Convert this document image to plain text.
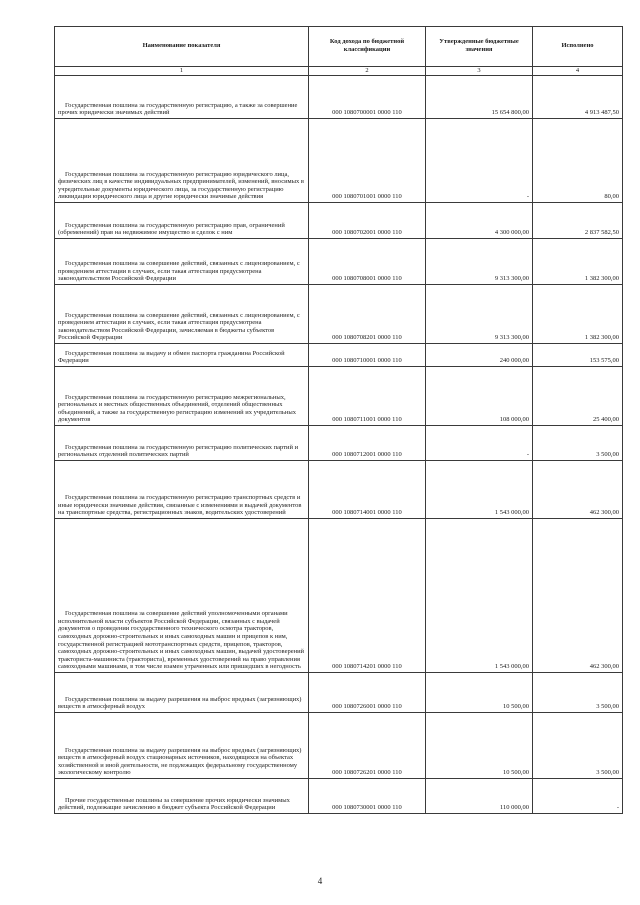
Наименование показателя	Код дохода по бюджетной классификации	Утвержденные бюджетные значения	Исполнено
1	2	3	4
Государственная пошлина за государственную регистрацию, а также за совершение прочих юридически значимых действий	000 1080700001 0000 110	15 654 800,00	4 913 487,50
Государственная пошлина за государственную регистрацию юридического лица, физических лиц в качестве индивидуальных предпринимателей, изменений, вносимых в учредительные документы юридического лица, за государственную регистрацию ликвидации юридического лица и другие юридически значимые действия	000 1080701001 0000 110	-	80,00
Государственная пошлина за государственную регистрацию прав, ограничений (обременений) прав на недвижимое имущество и сделок с ним	000 1080702001 0000 110	4 300 000,00	2 837 582,50
Государственная пошлина за совершение действий, связанных с лицензированием, с проведением аттестации в случаях, если такая аттестация предусмотрена законодательством Российской Федерации	000 1080708001 0000 110	9 313 300,00	1 382 300,00
Государственная пошлина за совершение действий, связанных с лицензированием, с проведением аттестации в случаях, если такая аттестация предусмотрена законодательством Российской Федерации, зачисляемая в бюджеты субъектов Российской Федерации	000 1080708201 0000 110	9 313 300,00	1 382 300,00
Государственная пошлина за выдачу и обмен паспорта гражданина Российской Федерации	000 1080710001 0000 110	240 000,00	153 575,00
Государственная пошлина за государственную регистрацию межрегиональных, региональных и местных общественных объединений, отделений общественных объединений, а также за государственную регистрацию изменений их учредительных документов	000 1080711001 0000 110	108 000,00	25 400,00
Государственная пошлина за государственную регистрацию политических партий и региональных отделений политических партий	000 1080712001 0000 110	-	3 500,00
Государственная пошлина за государственную регистрацию транспортных средств и иные юридически значимые действия, связанные с изменениями и выдачей документов на транспортные средства, регистрационных знаков, водительских удостоверений	000 1080714001 0000 110	1 543 000,00	462 300,00
Государственная пошлина за совершение действий уполномоченными органами исполнительной власти субъектов Российской Федерации, связанных с выдачей документов о проведении государственного технического осмотра тракторов, самоходных дорожно-строительных и иных самоходных машин и прицепов к ним, государственной регистрацией мототранспортных средств, прицепов, тракторов, самоходных дорожно-строительных и иных самоходных машин, выдачей удостоверений тракториста-машиниста (тракториста), временных удостоверений на право управления самоходными машинами, в том числе взамен утраченных или пришедших в негодность	000 1080714201 0000 110	1 543 000,00	462 300,00
Государственная пошлина за выдачу разрешения на выброс вредных (загрязняющих) веществ в атмосферный воздух	000 1080726001 0000 110	10 500,00	3 500,00
Государственная пошлина за выдачу разрешения на выброс вредных (загрязняющих) веществ в атмосферный воздух стационарных источников, находящихся на объектах хозяйственной и иной деятельности, не подлежащих федеральному государственному экологическому контролю	000 1080726201 0000 110	10 500,00	3 500,00
Прочие государственные пошлины за совершение прочих юридически значимых действий, подлежащие зачислению в бюджет субъекта Российской Федерации	000 1080730001 0000 110	110 000,00	-
4
